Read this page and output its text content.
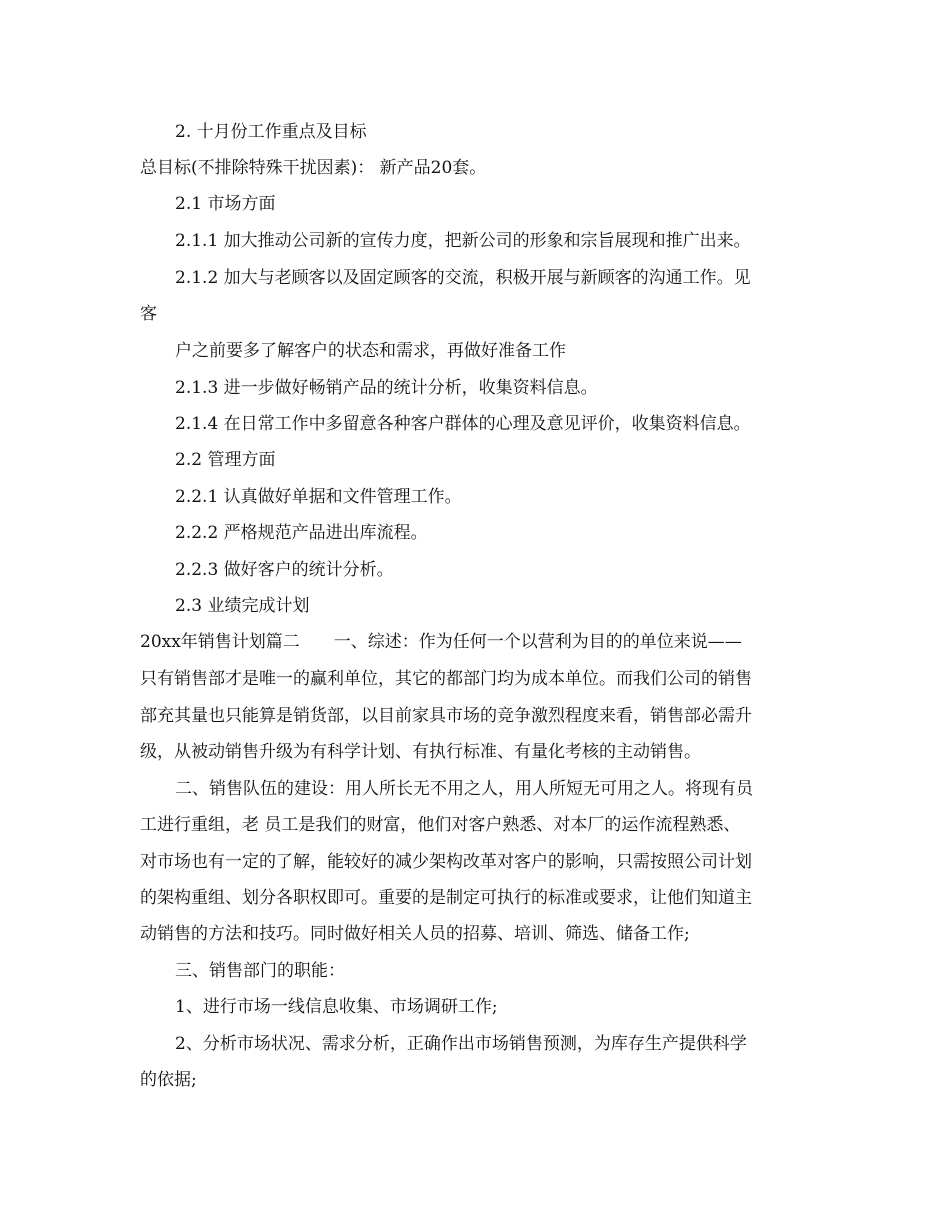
2. 十月份工作重点及目标
总目标(不排除特殊干扰因素)： 新产品20套。
2.1 市场方面
2.1.1 加大推动公司新的宣传力度，把新公司的形象和宗旨展现和推广出来。
2.1.2 加大与老顾客以及固定顾客的交流，积极开展与新顾客的沟通工作。见
客
户之前要多了解客户的状态和需求，再做好准备工作
2.1.3 进一步做好畅销产品的统计分析，收集资料信息。
2.1.4 在日常工作中多留意各种客户群体的心理及意见评价，收集资料信息。
2.2 管理方面
2.2.1 认真做好单据和文件管理工作。
2.2.2 严格规范产品进出库流程。
2.2.3 做好客户的统计分析。
2.3 业绩完成计划
20xx年销售计划篇二　　一、综述：作为任何一个以营利为目的的单位来说——
只有销售部才是唯一的赢利单位，其它的都部门均为成本单位。而我们公司的销售
部充其量也只能算是销货部，以目前家具市场的竞争激烈程度来看，销售部必需升
级，从被动销售升级为有科学计划、有执行标准、有量化考核的主动销售。
二、销售队伍的建设：用人所长无不用之人，用人所短无可用之人。将现有员
工进行重组，老 员工是我们的财富，他们对客户熟悉、对本厂的运作流程熟悉、
对市场也有一定的了解，能较好的减少架构改革对客户的影响，只需按照公司计划
的架构重组、划分各职权即可。重要的是制定可执行的标准或要求，让他们知道主
动销售的方法和技巧。同时做好相关人员的招募、培训、筛选、储备工作;
三、销售部门的职能：
1、进行市场一线信息收集、市场调研工作;
2、分析市场状况、需求分析，正确作出市场销售预测，为库存生产提供科学
的依据;
